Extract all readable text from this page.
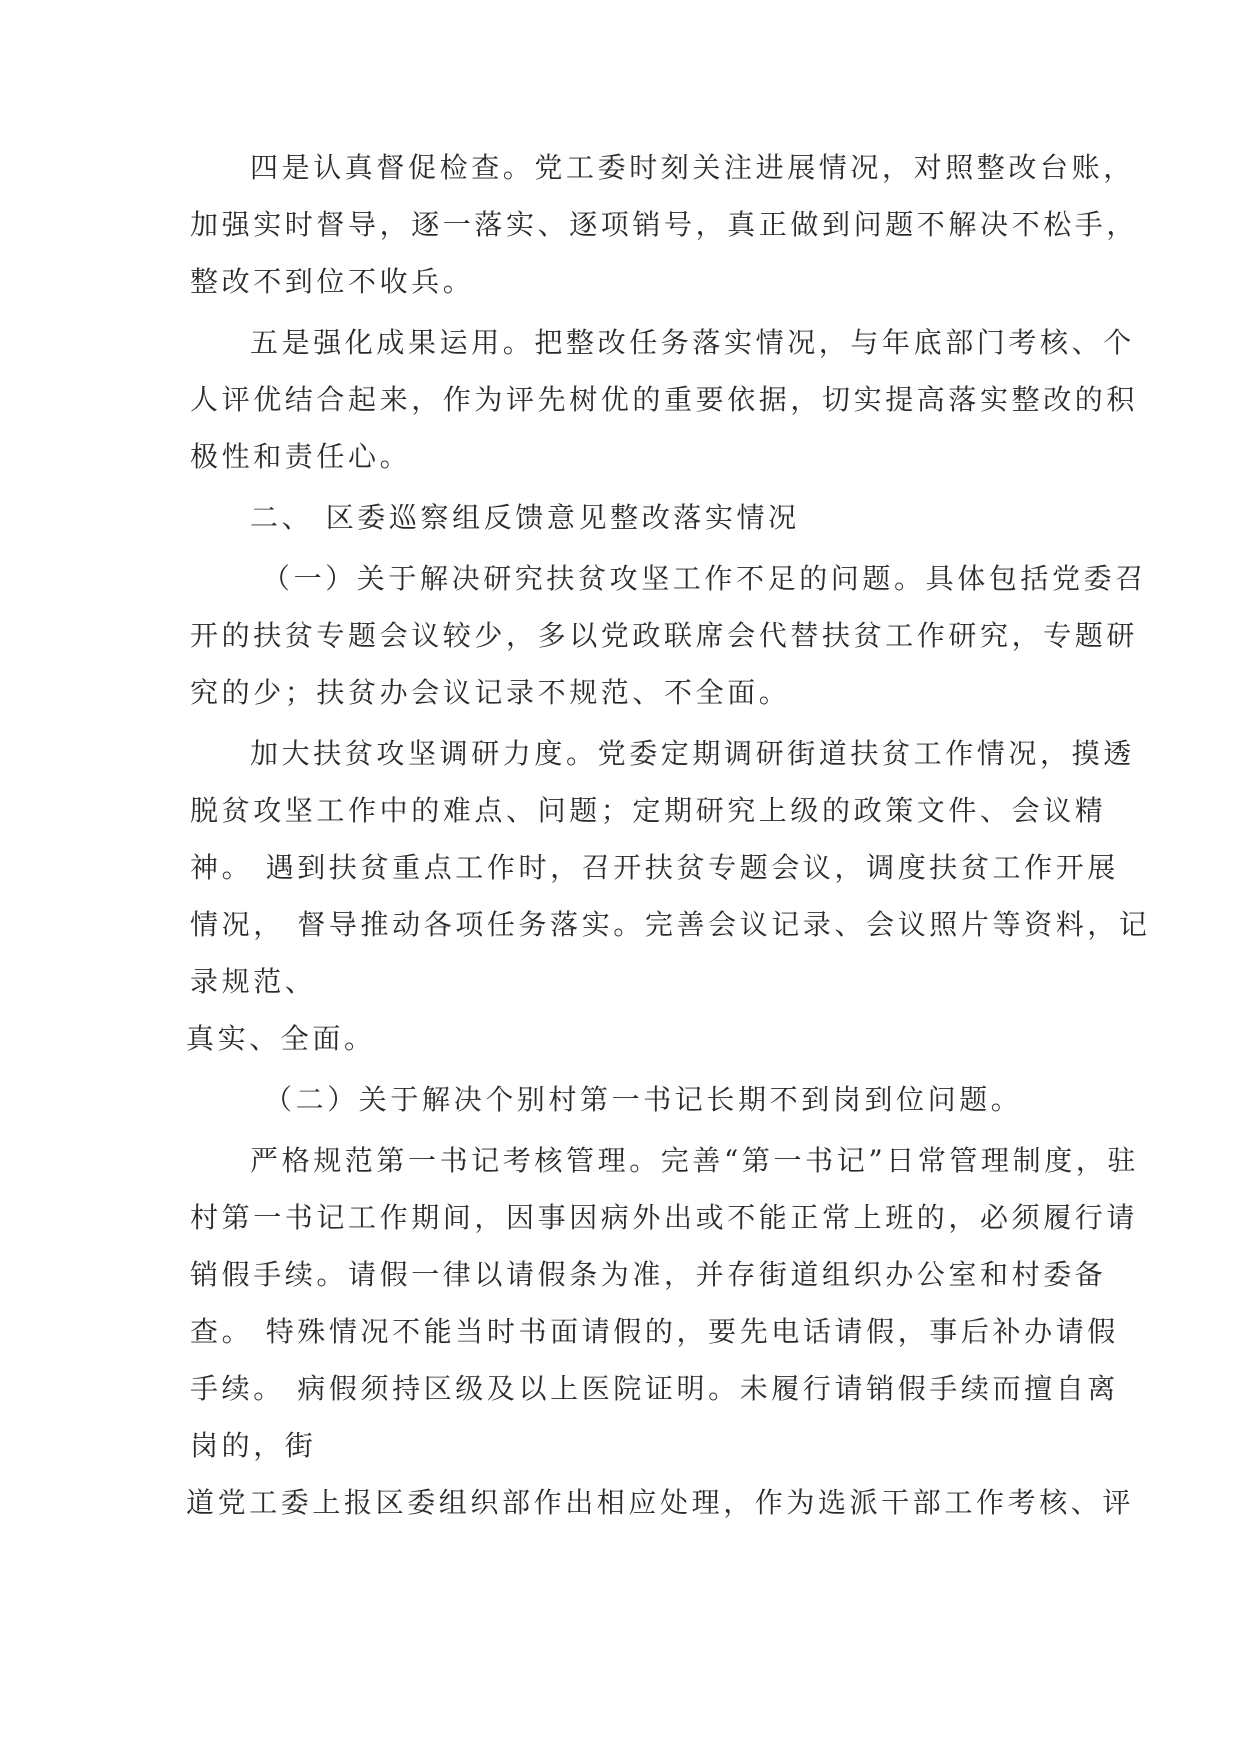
四是认真督促检查。党工委时刻关注进展情况，对照整改台账，
加强实时督导，逐一落实、逐项销号，真正做到问题不解决不松手，
整改不到位不收兵。
五是强化成果运用。把整改任务落实情况，与年底部门考核、个
人评优结合起来，作为评先树优的重要依据，切实提高落实整改的积
极性和责任心。
二、 区委巡察组反馈意见整改落实情况
（一）关于解决研究扶贫攻坚工作不足的问题。具体包括党委召
开的扶贫专题会议较少，多以党政联席会代替扶贫工作研究，专题研
究的少；扶贫办会议记录不规范、不全面。
加大扶贫攻坚调研力度。党委定期调研街道扶贫工作情况，摸透
脱贫攻坚工作中的难点、问题；定期研究上级的政策文件、会议精
神。 遇到扶贫重点工作时，召开扶贫专题会议，调度扶贫工作开展
情况， 督导推动各项任务落实。完善会议记录、会议照片等资料，记
录规范、
真实、全面。
（二）关于解决个别村第一书记长期不到岗到位问题。
严格规范第一书记考核管理。完善“第一书记”日常管理制度，驻
村第一书记工作期间，因事因病外出或不能正常上班的，必须履行请
销假手续。请假一律以请假条为准，并存街道组织办公室和村委备
查。 特殊情况不能当时书面请假的，要先电话请假，事后补办请假
手续。 病假须持区级及以上医院证明。未履行请销假手续而擅自离
岗的，街
道党工委上报区委组织部作出相应处理，作为选派干部工作考核、评
